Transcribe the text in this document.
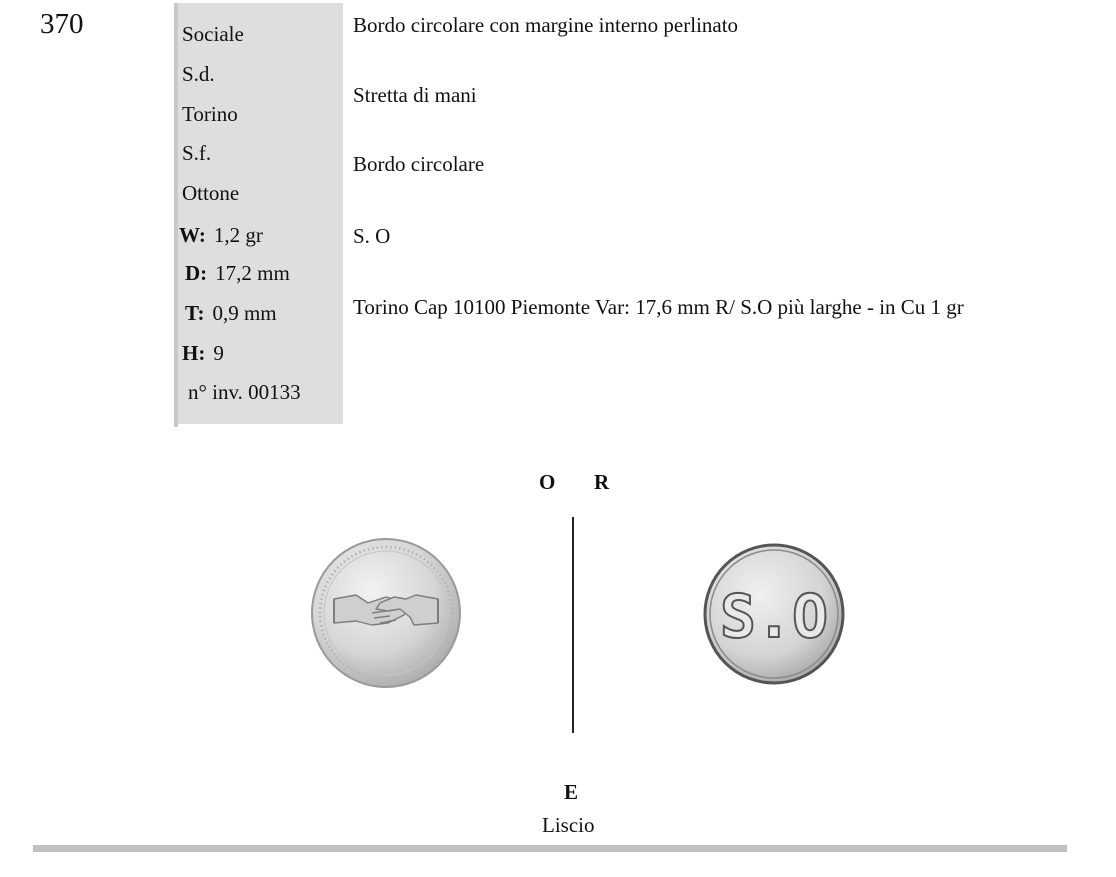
370	Sociale
S.d.
Torino
S.f.
Ottone
W: 1,2 gr
D: 17,2 mm
T: 0,9 mm
H: 9
n° inv. 00133
Bordo circolare con margine interno perlinato
Stretta di mani
Bordo circolare
S. O
Torino Cap 10100 Piemonte Var: 17,6 mm R/ S.O più larghe - in Cu 1 gr
O R
S.O
E
Liscio
